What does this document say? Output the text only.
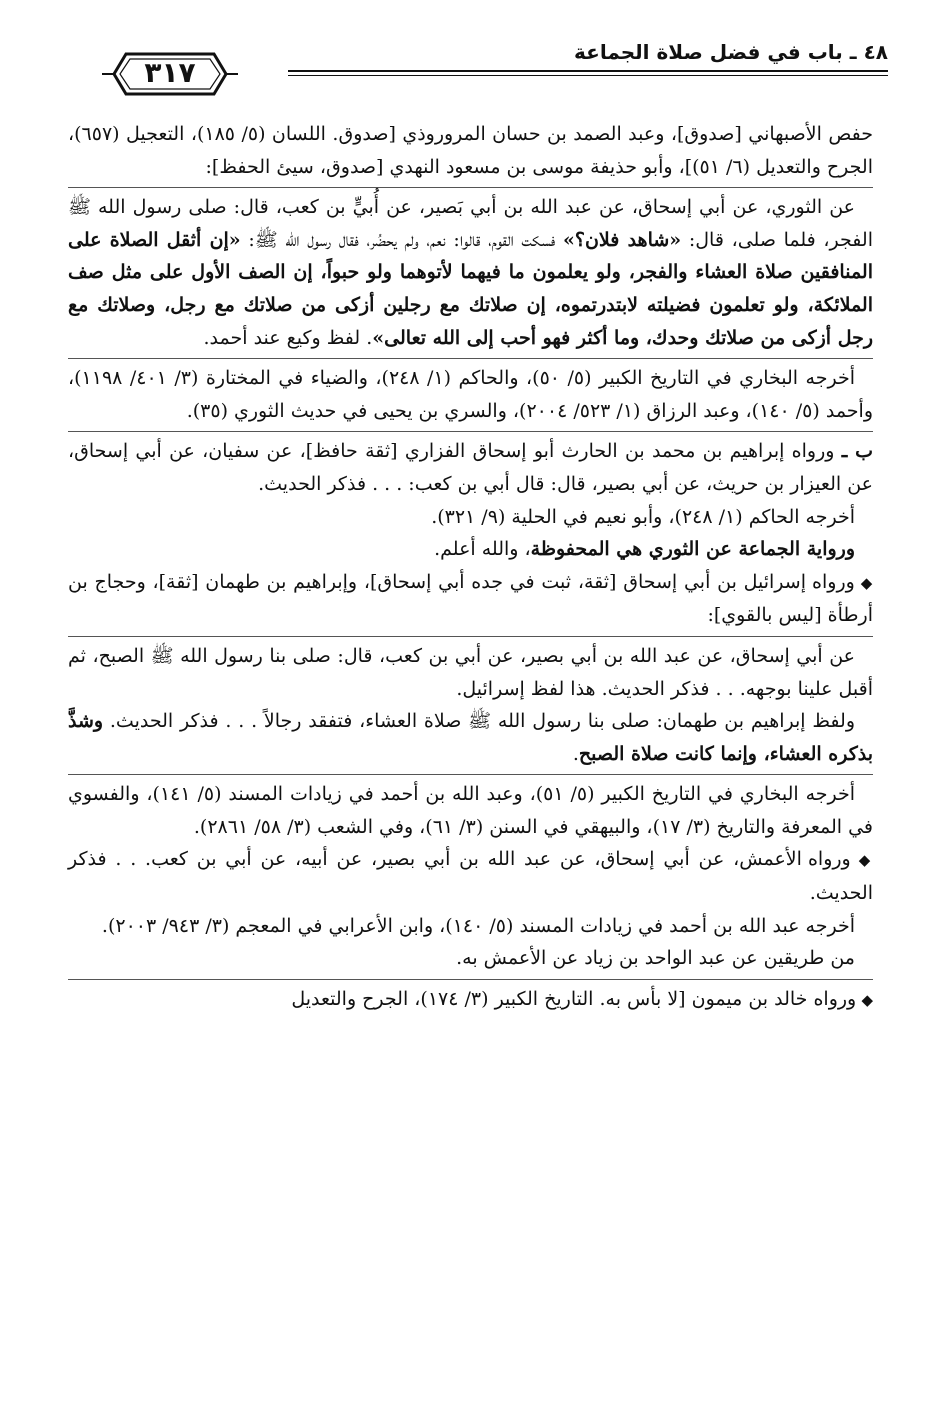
٤٨ ـ باب في فضل صلاة الجماعة
٣١٧

حفص الأصبهاني [صدوق]، وعبد الصمد بن حسان المروروذي [صدوق. اللسان (٥/ ١٨٥)، التعجيل (٦٥٧)، الجرح والتعديل (٦/ ٥١)]، وأبو حذيفة موسى بن مسعود النهدي [صدوق، سيئ الحفظ]:

عن الثوري، عن أبي إسحاق، عن عبد الله بن أبي بَصير، عن أُبيٍّ بن كعب، قال: صلى رسول الله ﷺ الفجر، فلما صلى، قال: «شاهد فلان؟» فسكت القوم، قالوا: نعم، ولم يحضُر، فقال رسول الله ﷺ: «إن أثقل الصلاة على المنافقين صلاة العشاء والفجر، ولو يعلمون ما فيهما لأتوهما ولو حبواً، إن الصف الأول على مثل صف الملائكة، ولو تعلمون فضيلته لابتدرتموه، إن صلاتك مع رجلين أزكى من صلاتك مع رجل، وصلاتك مع رجل أزكى من صلاتك وحدك، وما أكثر فهو أحب إلى الله تعالى». لفظ وكيع عند أحمد.

أخرجه البخاري في التاريخ الكبير (٥/ ٥٠)، والحاكم (١/ ٢٤٨)، والضياء في المختارة (٣/ ٤٠١/ ١١٩٨)، وأحمد (٥/ ١٤٠)، وعبد الرزاق (١/ ٥٢٣/ ٢٠٠٤)، والسري بن يحيى في حديث الثوري (٣٥).

ب ـ ورواه إبراهيم بن محمد بن الحارث أبو إسحاق الفزاري [ثقة حافظ]، عن سفيان، عن أبي إسحاق، عن العيزار بن حريث، عن أبي بصير، قال: قال أبي بن كعب: . . . فذكر الحديث.

أخرجه الحاكم (١/ ٢٤٨)، وأبو نعيم في الحلية (٩/ ٣٢١).

ورواية الجماعة عن الثوري هي المحفوظة، والله أعلم.

◆ ورواه إسرائيل بن أبي إسحاق [ثقة، ثبت في جده أبي إسحاق]، وإبراهيم بن طهمان [ثقة]، وحجاج بن أرطأة [ليس بالقوي]:

عن أبي إسحاق، عن عبد الله بن أبي بصير، عن أبي بن كعب، قال: صلى بنا رسول الله ﷺ الصبح، ثم أقبل علينا بوجهه. . . فذكر الحديث. هذا لفظ إسرائيل.

ولفظ إبراهيم بن طهمان: صلى بنا رسول الله ﷺ صلاة العشاء، فتفقد رجالاً . . . فذكر الحديث. وشذَّ بذكره العشاء، وإنما كانت صلاة الصبح.

أخرجه البخاري في التاريخ الكبير (٥/ ٥١)، وعبد الله بن أحمد في زيادات المسند (٥/ ١٤١)، والفسوي في المعرفة والتاريخ (٣/ ١٧)، والبيهقي في السنن (٣/ ٦١)، وفي الشعب (٣/ ٥٨/ ٢٨٦١).

◆ ورواه الأعمش، عن أبي إسحاق، عن عبد الله بن أبي بصير، عن أبيه، عن أبي بن كعب. . . فذكر الحديث.

أخرجه عبد الله بن أحمد في زيادات المسند (٥/ ١٤٠)، وابن الأعرابي في المعجم (٣/ ٩٤٣/ ٢٠٠٣).

من طريقين عن عبد الواحد بن زياد عن الأعمش به.

◆ ورواه خالد بن ميمون [لا بأس به. التاريخ الكبير (٣/ ١٧٤)، الجرح والتعديل
